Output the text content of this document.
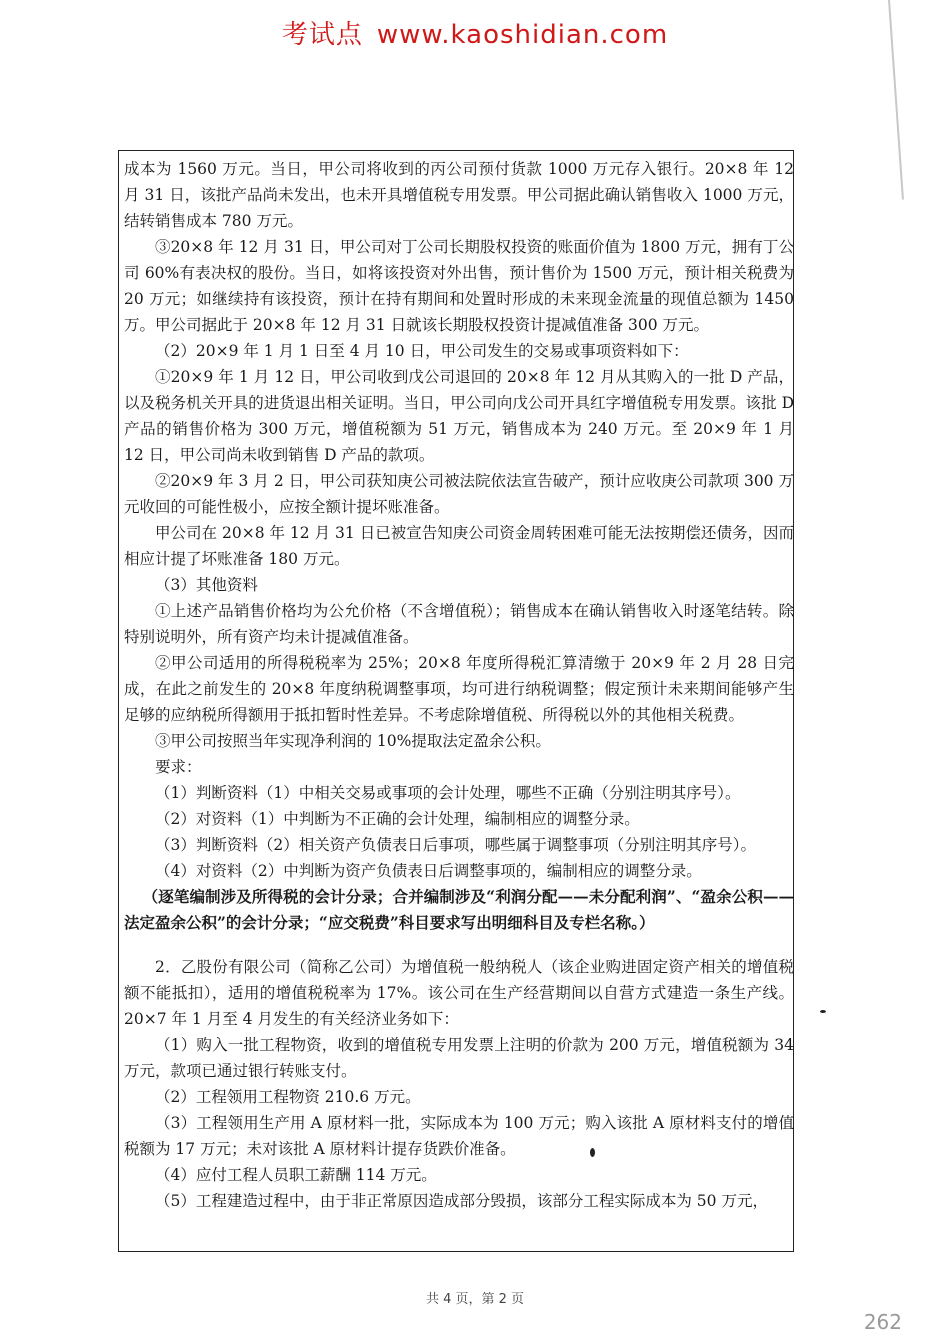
考试点 www.kaoshidian.com

成本为 1560 万元。当日，甲公司将收到的丙公司预付货款 1000 万元存入银行。20×8 年 12 月 31 日，该批产品尚未发出，也未开具增值税专用发票。甲公司据此确认销售收入 1000 万元，结转销售成本 780 万元。

③20×8 年 12 月 31 日，甲公司对丁公司长期股权投资的账面价值为 1800 万元，拥有丁公司 60%有表决权的股份。当日，如将该投资对外出售，预计售价为 1500 万元，预计相关税费为 20 万元；如继续持有该投资，预计在持有期间和处置时形成的未来现金流量的现值总额为 1450 万。甲公司据此于 20×8 年 12 月 31 日就该长期股权投资计提减值准备 300 万元。

（2）20×9 年 1 月 1 日至 4 月 10 日，甲公司发生的交易或事项资料如下：

①20×9 年 1 月 12 日，甲公司收到戊公司退回的 20×8 年 12 月从其购入的一批 D 产品，以及税务机关开具的进货退出相关证明。当日，甲公司向戊公司开具红字增值税专用发票。该批 D 产品的销售价格为 300 万元，增值税额为 51 万元，销售成本为 240 万元。至 20×9 年 1 月 12 日，甲公司尚未收到销售 D 产品的款项。

②20×9 年 3 月 2 日，甲公司获知庚公司被法院依法宣告破产，预计应收庚公司款项 300 万元收回的可能性极小，应按全额计提坏账准备。

甲公司在 20×8 年 12 月 31 日已被宣告知庚公司资金周转困难可能无法按期偿还债务，因而相应计提了坏账准备 180 万元。

（3）其他资料

①上述产品销售价格均为公允价格（不含增值税）；销售成本在确认销售收入时逐笔结转。除特别说明外，所有资产均未计提减值准备。

②甲公司适用的所得税税率为 25%；20×8 年度所得税汇算清缴于 20×9 年 2 月 28 日完成，在此之前发生的 20×8 年度纳税调整事项，均可进行纳税调整；假定预计未来期间能够产生足够的应纳税所得额用于抵扣暂时性差异。不考虑除增值税、所得税以外的其他相关税费。

③甲公司按照当年实现净利润的 10%提取法定盈余公积。

要求：

（1）判断资料（1）中相关交易或事项的会计处理，哪些不正确（分别注明其序号）。

（2）对资料（1）中判断为不正确的会计处理，编制相应的调整分录。

（3）判断资料（2）相关资产负债表日后事项，哪些属于调整事项（分别注明其序号）。

（4）对资料（2）中判断为资产负债表日后调整事项的，编制相应的调整分录。

（逐笔编制涉及所得税的会计分录；合并编制涉及“利润分配——未分配利润”、“盈余公积——法定盈余公积”的会计分录；“应交税费”科目要求写出明细科目及专栏名称。）

2．乙股份有限公司（简称乙公司）为增值税一般纳税人（该企业购进固定资产相关的增值税额不能抵扣），适用的增值税税率为 17%。该公司在生产经营期间以自营方式建造一条生产线。20×7 年 1 月至 4 月发生的有关经济业务如下：

（1）购入一批工程物资，收到的增值税专用发票上注明的价款为 200 万元，增值税额为 34 万元，款项已通过银行转账支付。

（2）工程领用工程物资 210.6 万元。

（3）工程领用生产用 A 原材料一批，实际成本为 100 万元；购入该批 A 原材料支付的增值税额为 17 万元；未对该批 A 原材料计提存货跌价准备。

（4）应付工程人员职工薪酬 114 万元。

（5）工程建造过程中，由于非正常原因造成部分毁损，该部分工程实际成本为 50 万元，

共 4 页，第 2 页
262
